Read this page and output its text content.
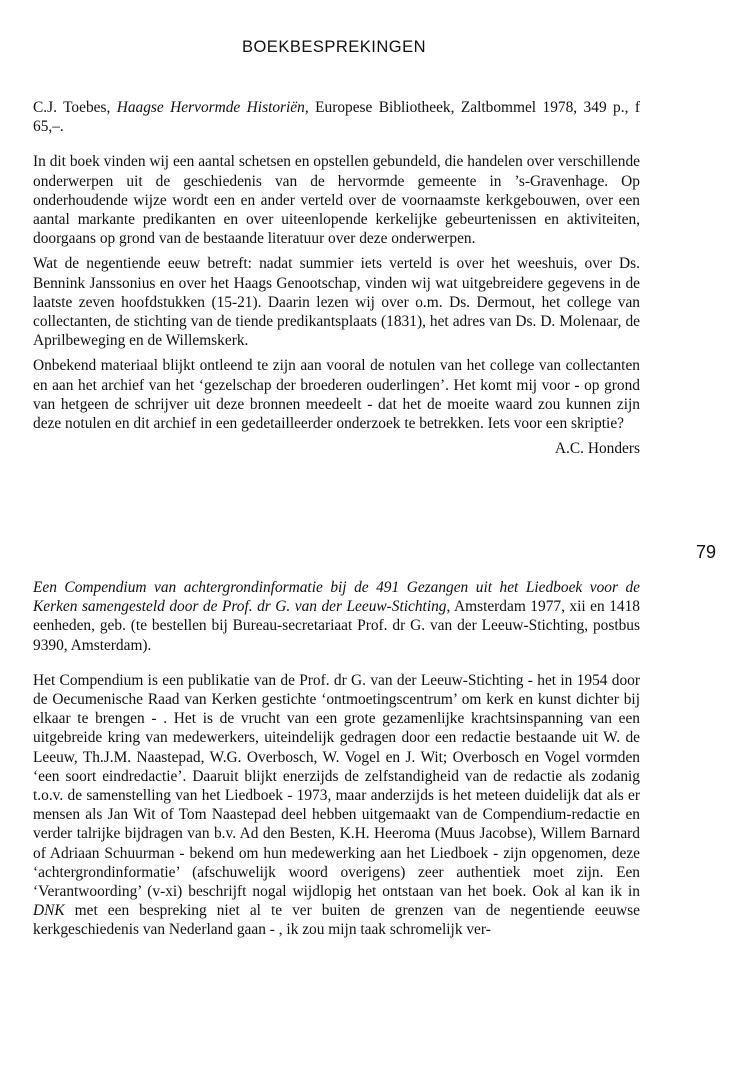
BOEKBESPREKINGEN
79

C.J. Toebes, Haagse Hervormde Historiën, Europese Bibliotheek, Zaltbommel 1978, 349 p., f 65,–.

In dit boek vinden wij een aantal schetsen en opstellen gebundeld, die handelen over verschillende onderwerpen uit de geschiedenis van de hervormde gemeente in ’s-Gravenhage. Op onderhoudende wijze wordt een en ander verteld over de voornaamste kerkgebouwen, over een aantal markante predikanten en over uiteenlopende kerkelijke gebeurtenissen en aktiviteiten, doorgaans op grond van de bestaande literatuur over deze onderwerpen.

Wat de negentiende eeuw betreft: nadat summier iets verteld is over het weeshuis, over Ds. Bennink Janssonius en over het Haags Genootschap, vinden wij wat uitgebreidere gegevens in de laatste zeven hoofdstukken (15-21). Daarin lezen wij over o.m. Ds. Dermout, het college van collectanten, de stichting van de tiende predikantsplaats (1831), het adres van Ds. D. Molenaar, de Aprilbeweging en de Willemskerk.

Onbekend materiaal blijkt ontleend te zijn aan vooral de notulen van het college van collectanten en aan het archief van het ‘gezelschap der broederen ouderlingen’. Het komt mij voor - op grond van hetgeen de schrijver uit deze bronnen meedeelt - dat het de moeite waard zou kunnen zijn deze notulen en dit archief in een gedetailleerder onderzoek te betrekken. Iets voor een skriptie?

A.C. Honders

Een Compendium van achtergrondinformatie bij de 491 Gezangen uit het Liedboek voor de Kerken samengesteld door de Prof. dr G. van der Leeuw-Stichting, Amsterdam 1977, xii en 1418 eenheden, geb. (te bestellen bij Bureau-secretariaat Prof. dr G. van der Leeuw-Stichting, postbus 9390, Amsterdam).

Het Compendium is een publikatie van de Prof. dr G. van der Leeuw-Stichting - het in 1954 door de Oecumenische Raad van Kerken gestichte ‘ontmoetingscentrum’ om kerk en kunst dichter bij elkaar te brengen - . Het is de vrucht van een grote gezamenlijke krachtsinspanning van een uitgebreide kring van medewerkers, uiteindelijk gedragen door een redactie bestaande uit W. de Leeuw, Th.J.M. Naastepad, W.G. Overbosch, W. Vogel en J. Wit; Overbosch en Vogel vormden ‘een soort eindredactie’. Daaruit blijkt enerzijds de zelfstandigheid van de redactie als zodanig t.o.v. de samenstelling van het Liedboek - 1973, maar anderzijds is het meteen duidelijk dat als er mensen als Jan Wit of Tom Naastepad deel hebben uitgemaakt van de Compendium-redactie en verder talrijke bijdragen van b.v. Ad den Besten, K.H. Heeroma (Muus Jacobse), Willem Barnard of Adriaan Schuurman - bekend om hun medewerking aan het Liedboek - zijn opgenomen, deze ‘achtergrondinformatie’ (afschuwelijk woord overigens) zeer authentiek moet zijn. Een ‘Verantwoording’ (v-xi) beschrijft nogal wijdlopig het ontstaan van het boek. Ook al kan ik in DNK met een bespreking niet al te ver buiten de grenzen van de negentiende eeuwse kerkgeschiedenis van Nederland gaan - , ik zou mijn taak schromelijk ver-
